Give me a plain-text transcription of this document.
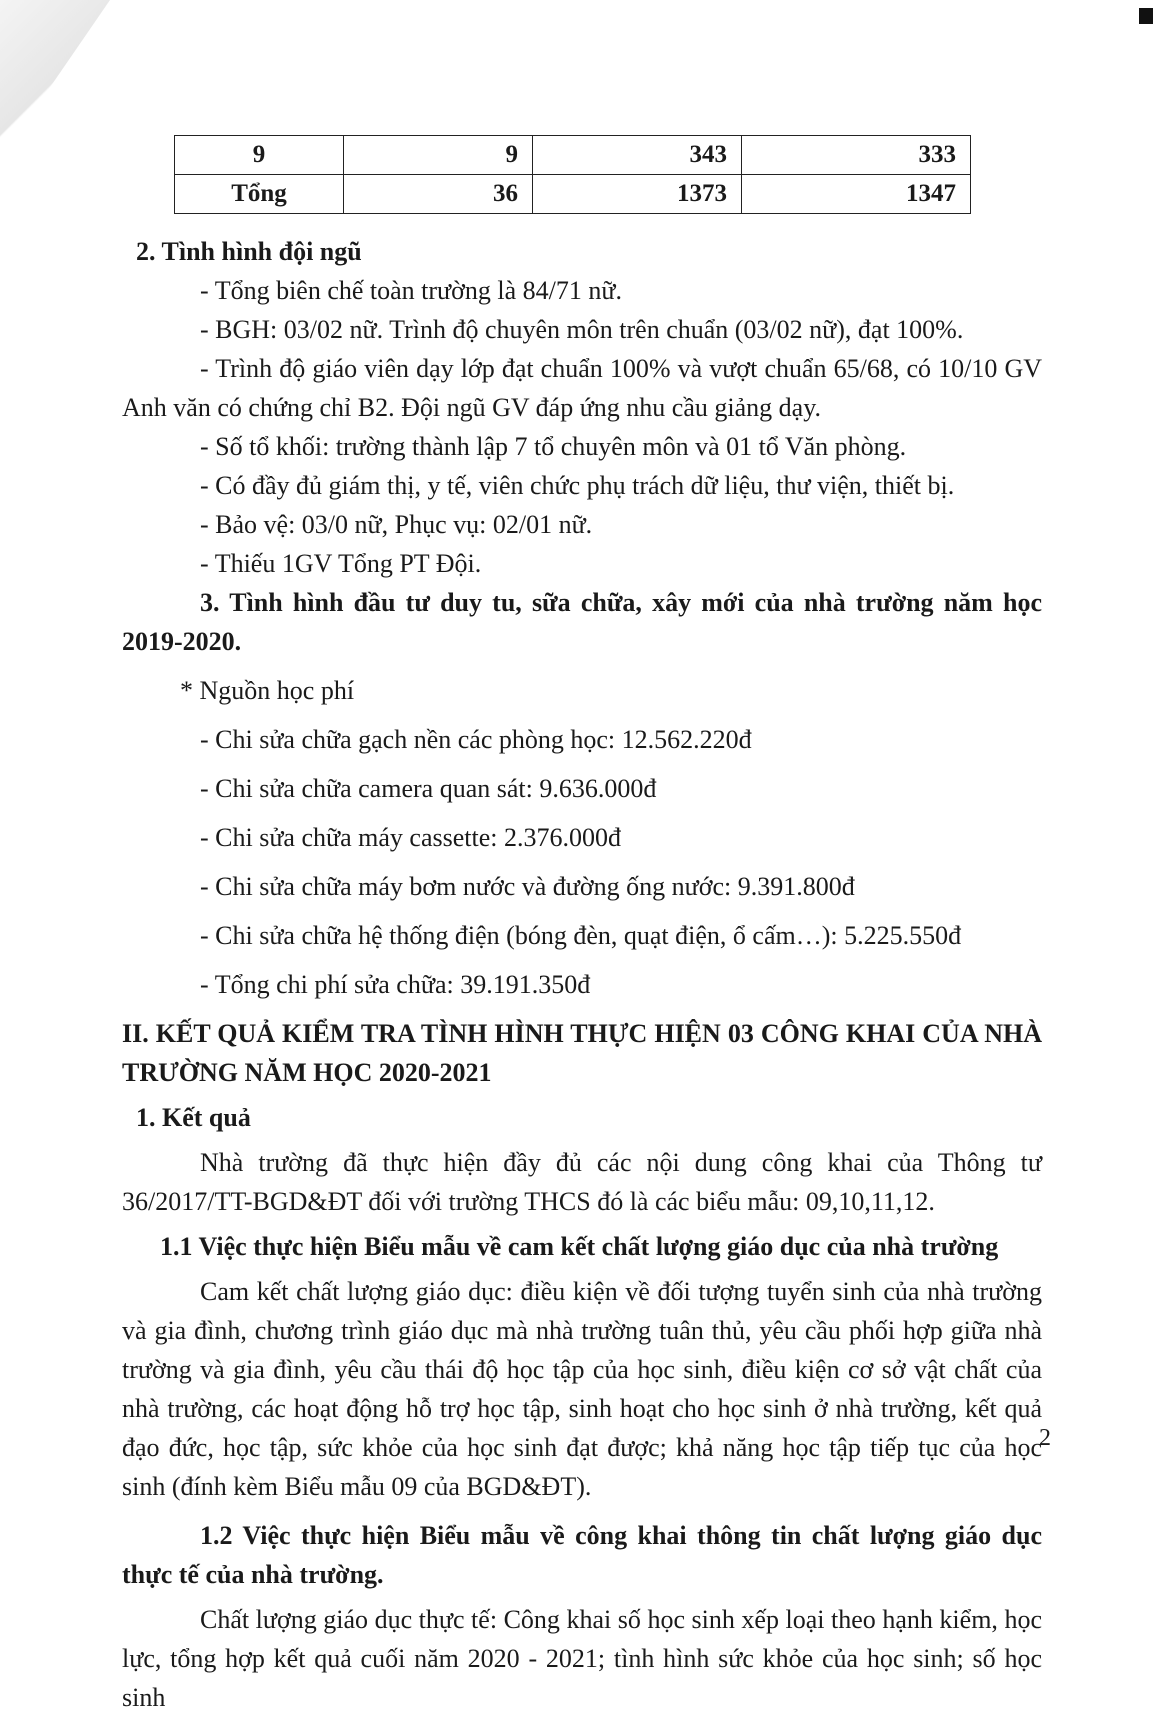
9	9	343	333
Tổng	36	1373	1347

2. Tình hình đội ngũ

- Tổng biên chế toàn trường là 84/71 nữ.

- BGH: 03/02 nữ. Trình độ chuyên môn trên chuẩn (03/02 nữ), đạt 100%.

- Trình độ giáo viên dạy lớp đạt chuẩn 100% và vượt chuẩn 65/68, có 10/10 GV Anh văn có chứng chỉ B2. Đội ngũ GV đáp ứng nhu cầu giảng dạy.

- Số tổ khối: trường thành lập 7 tổ chuyên môn và 01 tổ Văn phòng.

- Có đầy đủ giám thị, y tế, viên chức phụ trách dữ liệu, thư viện, thiết bị.

- Bảo vệ: 03/0 nữ, Phục vụ: 02/01 nữ.

- Thiếu 1GV Tổng PT Đội.

3. Tình hình đầu tư duy tu, sữa chữa, xây mới của nhà trường năm học 2019-2020.

* Nguồn học phí

- Chi sửa chữa gạch nền các phòng học: 12.562.220đ

- Chi sửa chữa camera quan sát: 9.636.000đ

- Chi sửa chữa máy cassette: 2.376.000đ

- Chi sửa chữa máy bơm nước và đường ống nước: 9.391.800đ

- Chi sửa chữa hệ thống điện (bóng đèn, quạt điện, ổ cấm…): 5.225.550đ

- Tổng chi phí sửa chữa: 39.191.350đ

II. KẾT QUẢ KIỂM TRA TÌNH HÌNH THỰC HIỆN 03 CÔNG KHAI CỦA NHÀ TRƯỜNG NĂM HỌC 2020-2021

1. Kết quả

Nhà trường đã thực hiện đầy đủ các nội dung công khai của Thông tư 36/2017/TT-BGD&ĐT đối với trường THCS đó là các biểu mẫu: 09,10,11,12.

1.1 Việc thực hiện Biểu mẫu về cam kết chất lượng giáo dục của nhà trường

Cam kết chất lượng giáo dục: điều kiện về đối tượng tuyển sinh của nhà trường và gia đình, chương trình giáo dục mà nhà trường tuân thủ, yêu cầu phối hợp giữa nhà trường và gia đình, yêu cầu thái độ học tập của học sinh, điều kiện cơ sở vật chất của nhà trường, các hoạt động hỗ trợ học tập, sinh hoạt cho học sinh ở nhà trường, kết quả đạo đức, học tập, sức khỏe của học sinh đạt được; khả năng học tập tiếp tục của học sinh (đính kèm Biểu mẫu 09 của BGD&ĐT).

1.2 Việc thực hiện Biểu mẫu về công khai thông tin chất lượng giáo dục thực tế của nhà trường.

Chất lượng giáo dục thực tế: Công khai số học sinh xếp loại theo hạnh kiểm, học lực, tổng hợp kết quả cuối năm 2020 - 2021; tình hình sức khỏe của học sinh; số học sinh

2
